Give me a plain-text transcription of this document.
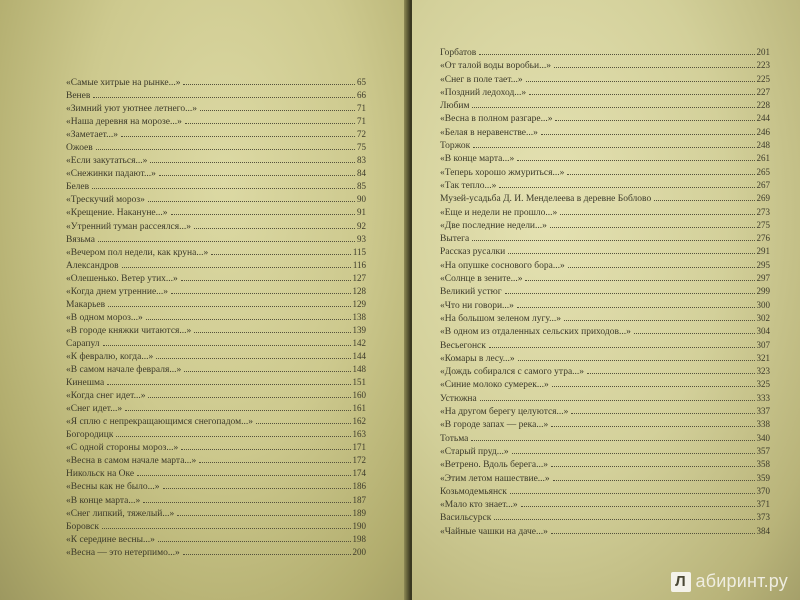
«Самые хитрые на рынке...»	65
Венев	66
«Зимний уют уютнее летнего...»	71
«Наша деревня на морозе...»	71
«Заметает...»	72
Ожоев	75
«Если закутаться...»	83
«Снежинки падают...»	84
Белев	85
«Трескучий мороз»	90
«Крещение. Накануне...»	91
«Утренний туман рассеялся...»	92
Вязьма	93
«Вечером пол недели, как круна...»	115
Александров	116
«Олешенько. Ветер утих...»	127
«Когда днем утренние...»	128
Макарьев	129
«В одном мороз...»	138
«В городе княжки читаются...»	139
Сарапул	142
«К февралю, когда...»	144
«В самом начале февраля...»	148
Кинешма	151
«Когда снег идет...»	160
«Снег идет...»	161
«Я сплю с непрекращающимся снегопадом...»	162
Богородицк	163
«С одной стороны мороз...»	171
«Весна в самом начале марта...»	172
Никольск на Оке	174
«Весны как не было...»	186
«В конце марта...»	187
«Снег липкий, тяжелый...»	189
Боровск	190
«К середине весны...»	198
«Весна — это нетерпимо...»	200
Горбатов	201
«От талой воды воробьи...»	223
«Снег в поле тает...»	225
«Поздний ледоход...»	227
Любим	228
«Весна в полном разгаре...»	244
«Белая в неравенстве...»	246
Торжок	248
«В конце марта...»	261
«Теперь хорошо жмуриться...»	265
«Так тепло...»	267
Музей-усадьба Д. И. Менделеева в деревне Боблово	269
«Еще и недели не прошло...»	273
«Две последние недели...»	275
Вытега	276
Рассказ русалки	291
«На опушке соснового бора...»	295
«Солнце в зените...»	297
Великий устюг	299
«Что ни говори...»	300
«На большом зеленом лугу...»	302
«В одном из отдаленных сельских приходов...»	304
Весьегонск	307
«Комары в лесу...»	321
«Дождь собирался с самого утра...»	323
«Синие молоко сумерек...»	325
Устюжна	333
«На другом берегу целуются...»	337
«В городе запах — река...»	338
Тотьма	340
«Старый пруд...»	357
«Ветрено. Вдоль берега...»	358
«Этим летом нашествие...»	359
Козьмодемьянск	370
«Мало кто знает...»	371
Васильсурск	373
«Чайные чашки на даче...»	384
Л абиринт.ру
